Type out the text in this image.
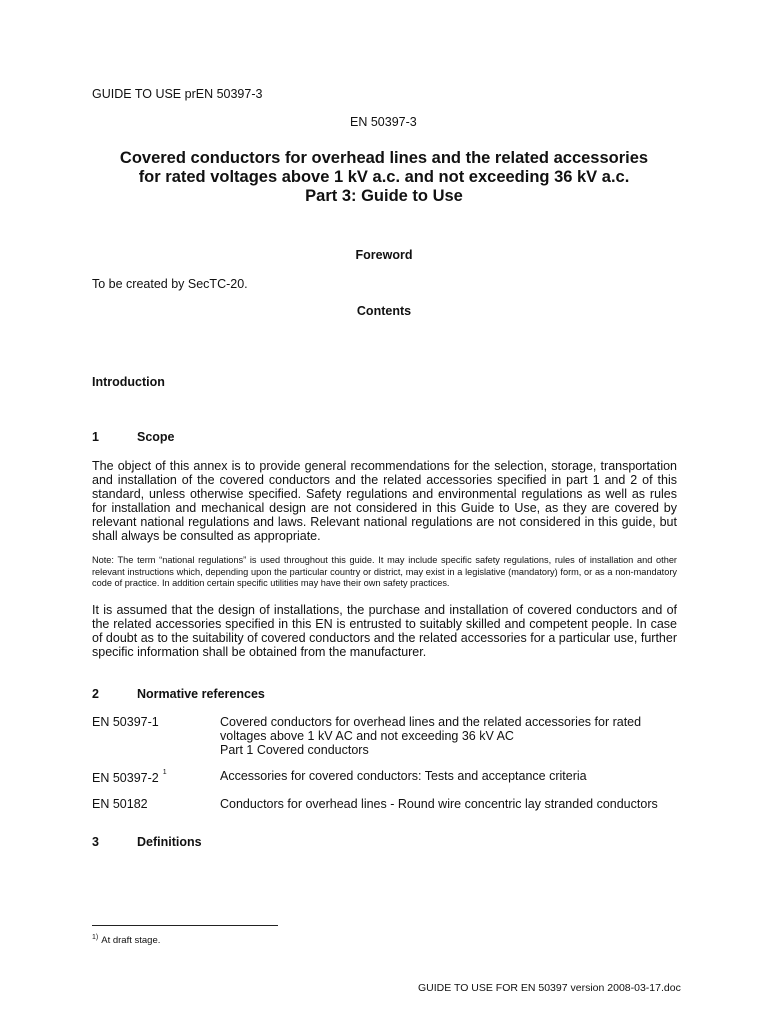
GUIDE TO USE prEN 50397-3
EN 50397-3
Covered conductors for overhead lines and the related accessories
for rated voltages above 1 kV a.c. and not exceeding 36 kV a.c.
Part 3: Guide to Use
Foreword
To be created by SecTC-20.
Contents
Introduction
1	Scope
The object of this annex is to provide general recommendations for the selection, storage, transportation and installation of the covered conductors and the related accessories specified in part 1 and 2 of this standard, unless otherwise specified. Safety regulations and environmental regulations as well as rules for installation and mechanical design are not considered in this Guide to Use, as they are covered by relevant national regulations and laws. Relevant national regulations are not considered in this guide, but shall always be consulted as appropriate.
Note: The term “national regulations” is used throughout this guide. It may include specific safety regulations, rules of installation and other relevant instructions which, depending upon the particular country or district, may exist in a legislative (mandatory) form, or as a non-mandatory code of practice. In addition certain specific utilities may have their own safety practices.
It is assumed that the design of installations, the purchase and installation of covered conductors and of the related accessories specified in this EN is entrusted to suitably skilled and competent people. In case of doubt as to the suitability of covered conductors and the related accessories for a particular use, further specific information shall be obtained from the manufacturer.
2	Normative references
EN 50397-1	Covered conductors for overhead lines and the related accessories for rated
voltages above 1 kV AC and not exceeding 36 kV AC
Part 1 Covered conductors
EN 50397-2 $^1$	Accessories for covered conductors: Tests and acceptance criteria
EN 50182	Conductors for overhead lines - Round wire concentric lay stranded conductors
3	Definitions
$^{1)}$ At draft stage.
GUIDE TO USE FOR EN 50397 version 2008-03-17.doc
